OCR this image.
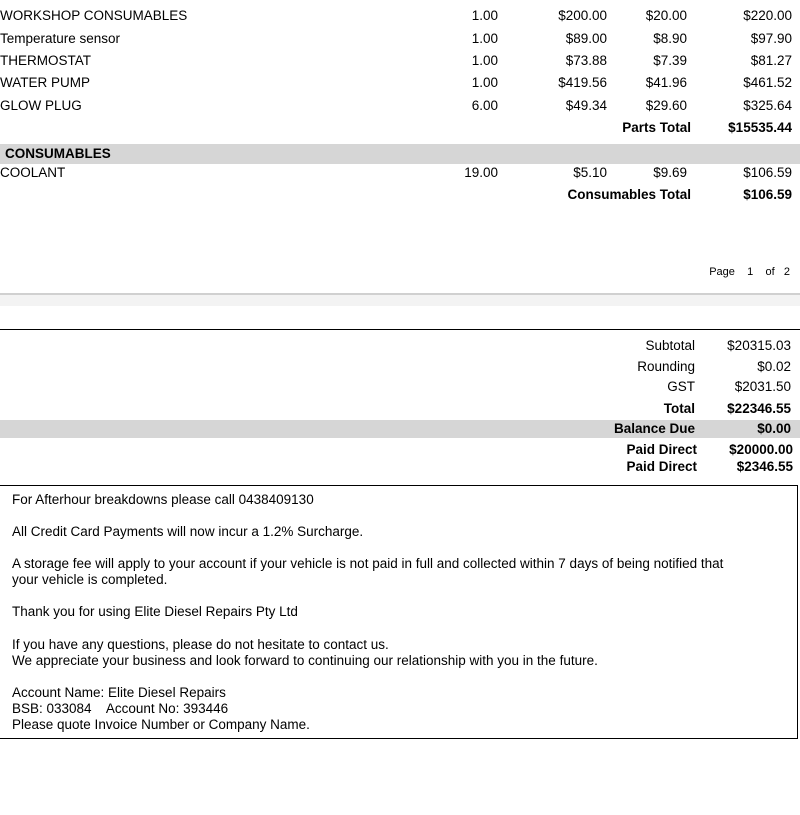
WORKSHOP CONSUMABLES	1.00	$200.00	$20.00	$220.00
Temperature sensor	1.00	$89.00	$8.90	$97.90
THERMOSTAT	1.00	$73.88	$7.39	$81.27
WATER PUMP	1.00	$419.56	$41.96	$461.52
GLOW PLUG	6.00	$49.34	$29.60	$325.64
Parts Total	$15535.44
CONSUMABLES
COOLANT	19.00	$5.10	$9.69	$106.59
Consumables Total	$106.59
Page 1 of 2
Subtotal $20315.03
Rounding	$0.02
GST	$2031.50
Total $22346.55
Balance Due	$0.00
Paid Direct $20000.00
Paid Direct	$2346.55
For Afterhour breakdowns please call 0438409130
All Credit Card Payments will now incur a 1.2% Surcharge.
A storage fee will apply to your account if your vehicle is not paid in full and collected within 7 days of being notified that
your vehicle is completed.
Thank you for using Elite Diesel Repairs Pty Ltd
If you have any questions, please do not hesitate to contact us.
We appreciate your business and look forward to continuing our relationship with you in the future.
Account Name: Elite Diesel Repairs
BSB: 033084    Account No: 393446
Please quote Invoice Number or Company Name.
